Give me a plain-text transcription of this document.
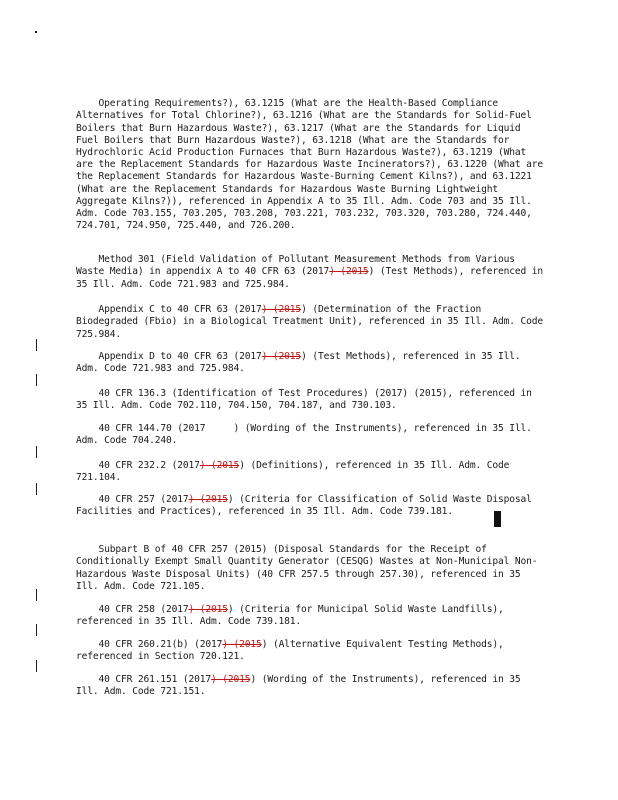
Operating Requirements?), 63.1215 (What are the Health-Based Compliance Alternatives for Total Chlorine?), 63.1216 (What are the Standards for Solid-Fuel Boilers that Burn Hazardous Waste?), 63.1217 (What are the Standards for Liquid Fuel Boilers that Burn Hazardous Waste?), 63.1218 (What are the Standards for Hydrochloric Acid Production Furnaces that Burn Hazardous Waste?), 63.1219 (What are the Replacement Standards for Hazardous Waste Incinerators?), 63.1220 (What are the Replacement Standards for Hazardous Waste-Burning Cement Kilns?), and 63.1221 (What are the Replacement Standards for Hazardous Waste Burning Lightweight Aggregate Kilns?)), referenced in Appendix A to 35 Ill. Adm. Code 703 and 35 Ill. Adm. Code 703.155, 703.205, 703.208, 703.221, 703.232, 703.320, 703.280, 724.440, 724.701, 724.950, 725.440, and 726.200.

Method 301 (Field Validation of Pollutant Measurement Methods from Various Waste Media) in appendix A to 40 CFR 63 (2017) (2015) (Test Methods), referenced in 35 Ill. Adm. Code 721.983 and 725.984.

Appendix C to 40 CFR 63 (2017) (2015) (Determination of the Fraction Biodegraded (Fbio) in a Biological Treatment Unit), referenced in 35 Ill. Adm. Code 725.984.

Appendix D to 40 CFR 63 (2017) (2015) (Test Methods), referenced in 35 Ill. Adm. Code 721.983 and 725.984.

40 CFR 136.3 (Identification of Test Procedures) (2017) (2015), referenced in 35 Ill. Adm. Code 702.110, 704.150, 704.187, and 730.103.

40 CFR 144.70 (2017     ) (Wording of the Instruments), referenced in 35 Ill. Adm. Code 704.240.

40 CFR 232.2 (2017) (2015) (Definitions), referenced in 35 Ill. Adm. Code 721.104.

40 CFR 257 (2017) (2015) (Criteria for Classification of Solid Waste Disposal Facilities and Practices), referenced in 35 Ill. Adm. Code 739.181.

Subpart B of 40 CFR 257 (2015) (Disposal Standards for the Receipt of Conditionally Exempt Small Quantity Generator (CESQG) Wastes at Non-Municipal Non-Hazardous Waste Disposal Units) (40 CFR 257.5 through 257.30), referenced in 35 Ill. Adm. Code 721.105.

40 CFR 258 (2017) (2015) (Criteria for Municipal Solid Waste Landfills), referenced in 35 Ill. Adm. Code 739.181.

40 CFR 260.21(b) (2017) (2015) (Alternative Equivalent Testing Methods), referenced in Section 720.121.

40 CFR 261.151 (2017) (2015) (Wording of the Instruments), referenced in 35 Ill. Adm. Code 721.151.
